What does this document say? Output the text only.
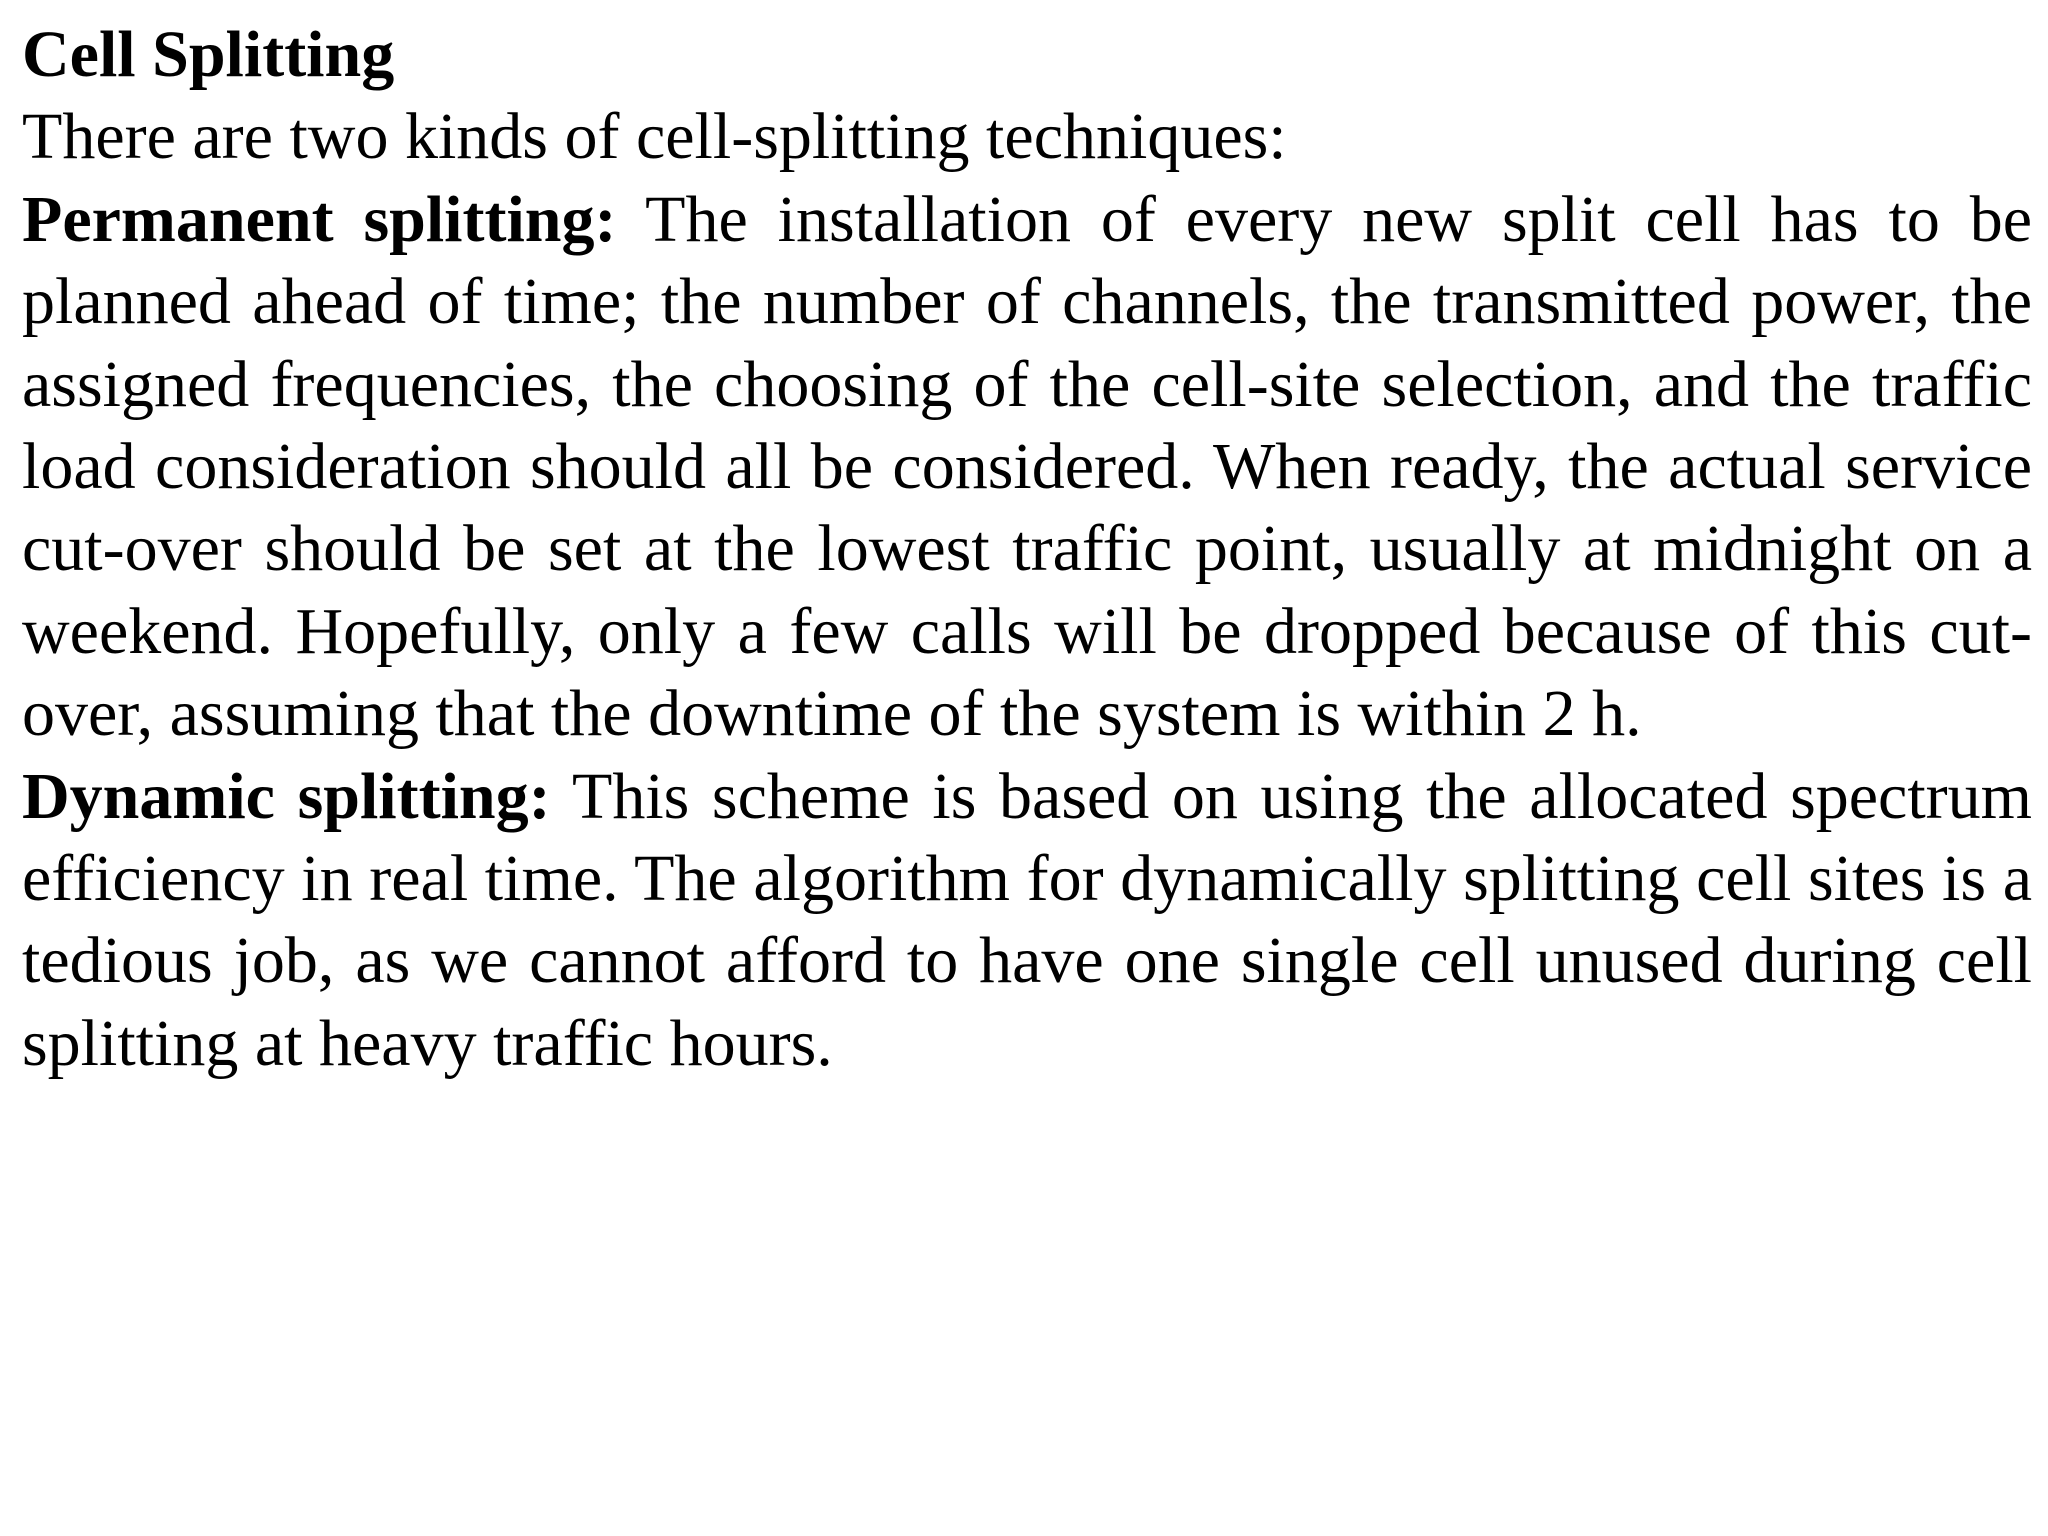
Cell Splitting

There are two kinds of cell-splitting techniques:

Permanent splitting: The installation of every new split cell has to be planned ahead of time; the number of channels, the transmitted power, the assigned frequencies, the choosing of the cell-site selection, and the traffic load consideration should all be considered. When ready, the actual service cut-over should be set at the lowest traffic point, usually at midnight on a weekend. Hopefully, only a few calls will be dropped because of this cut-over, assuming that the downtime of the system is within 2 h.

Dynamic splitting: This scheme is based on using the allocated spectrum efficiency in real time. The algorithm for dynamically splitting cell sites is a tedious job, as we cannot afford to have one single cell unused during cell splitting at heavy traffic hours.
